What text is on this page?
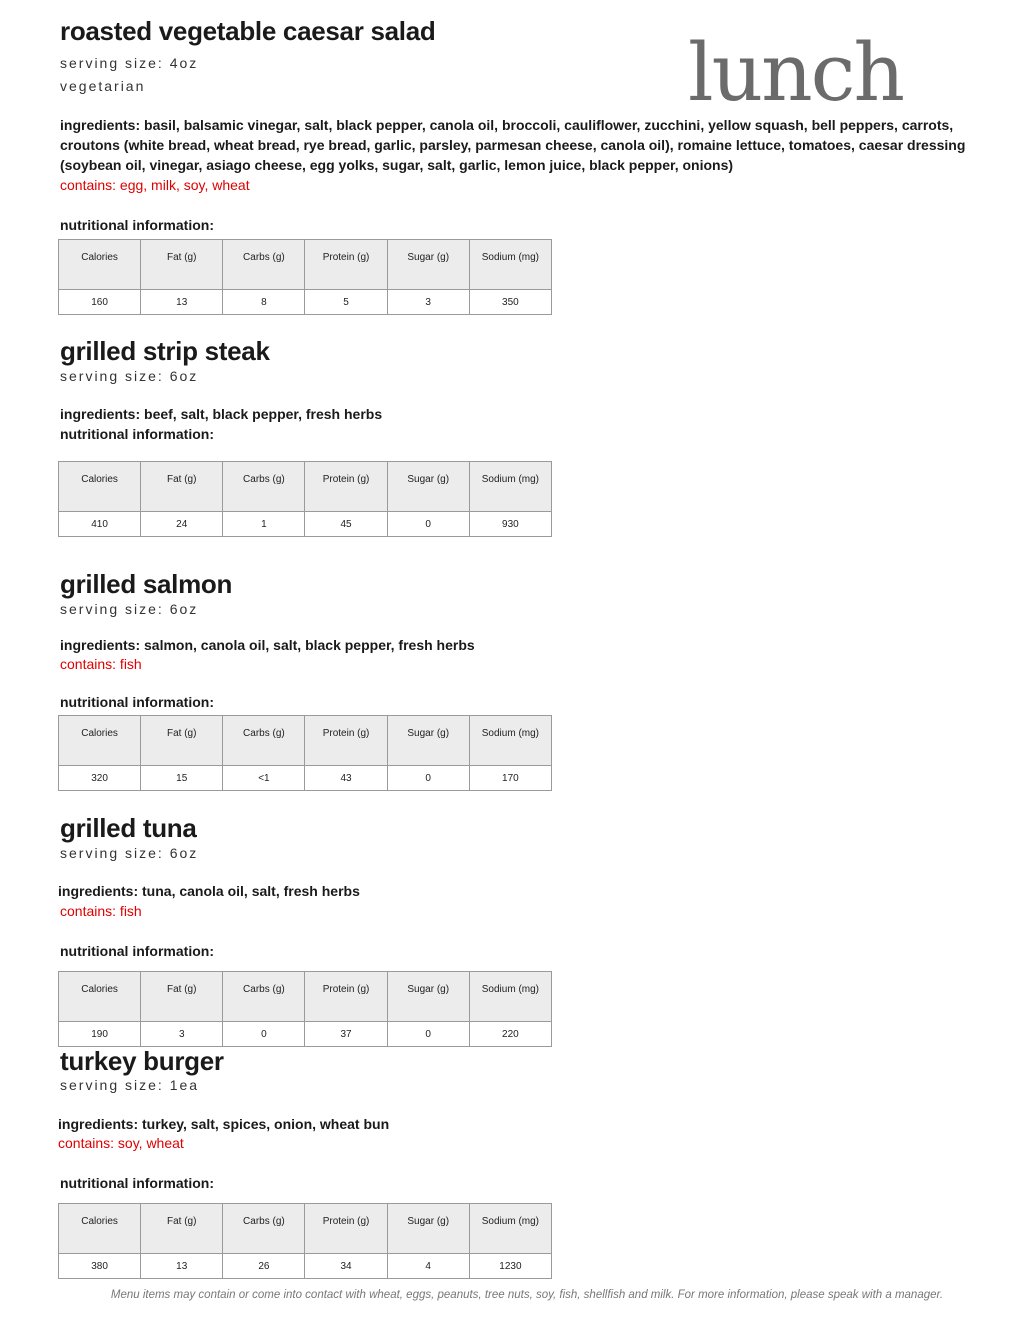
lunch
roasted vegetable caesar salad
serving size: 4oz
vegetarian
ingredients: basil, balsamic vinegar, salt, black pepper, canola oil, broccoli, cauliflower, zucchini, yellow squash, bell peppers, carrots, croutons (white bread, wheat bread, rye bread, garlic, parsley, parmesan cheese, canola oil), romaine lettuce, tomatoes, caesar dressing (soybean oil, vinegar, asiago cheese, egg yolks, sugar, salt, garlic, lemon juice, black pepper, onions)
contains: egg, milk, soy, wheat
nutritional information:
Calories	Fat (g)	Carbs (g)	Protein (g)	Sugar (g)	Sodium (mg)
160	13	8	5	3	350
grilled strip steak
serving size: 6oz
ingredients: beef, salt, black pepper, fresh herbs
nutritional information:
Calories	Fat (g)	Carbs (g)	Protein (g)	Sugar (g)	Sodium (mg)
410	24	1	45	0	930
grilled salmon
serving size: 6oz
ingredients: salmon, canola oil, salt, black pepper, fresh herbs
contains: fish
nutritional information:
Calories	Fat (g)	Carbs (g)	Protein (g)	Sugar (g)	Sodium (mg)
320	15	<1	43	0	170
grilled tuna
serving size: 6oz
ingredients: tuna, canola oil, salt, fresh herbs
contains: fish
nutritional information:
Calories	Fat (g)	Carbs (g)	Protein (g)	Sugar (g)	Sodium (mg)
190	3	0	37	0	220
turkey burger
serving size: 1ea
ingredients: turkey, salt, spices, onion, wheat bun
contains: soy, wheat
nutritional information:
Calories	Fat (g)	Carbs (g)	Protein (g)	Sugar (g)	Sodium (mg)
380	13	26	34	4	1230
Menu items may contain or come into contact with wheat, eggs, peanuts, tree nuts, soy, fish, shellfish and milk. For more information, please speak with a manager.
